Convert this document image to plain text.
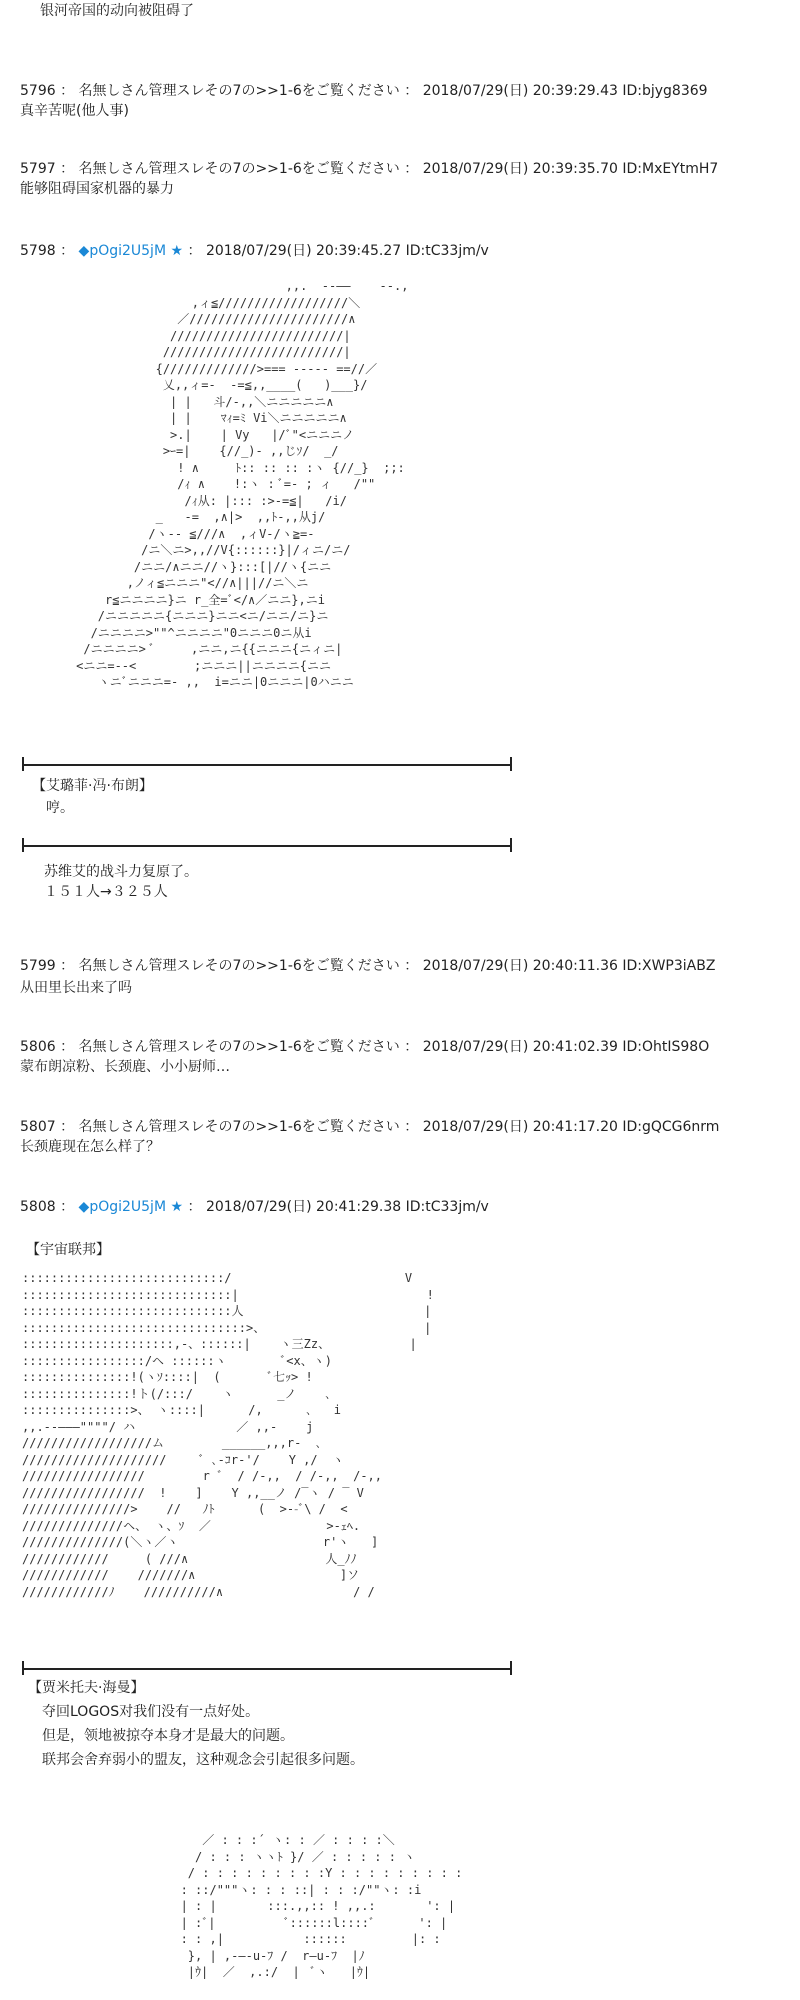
银河帝国的动向被阻碍了
5796 ： 名無しさん管理スレその7の>>1-6をご覧ください ： 2018/07/29(日) 20:39:29.43 ID:bjyg8369
真辛苦呢(他人事)
5797 ： 名無しさん管理スレその7の>>1-6をご覧ください ： 2018/07/29(日) 20:39:35.70 ID:MxEYtmH7
能够阻碍国家机器的暴力
5798 ： ◆pOgi2U5jM ★ ： 2018/07/29(日) 20:39:45.27 ID:tC33jm/v
,,.  --――    --.,
,ィ≦//////////////////＼
／//////////////////////∧
////////////////////////|
/////////////////////////|
{/////////////>=== ----- ==//／
乂,,ィ=-  -=≦,,____(   )___}/
| |   斗/-,,＼ニニニニニ∧
| |    ﾏｨ=ﾐ Vi＼ニニニニニ∧
>.|    | Vy   |/ﾞ"<ニニニノ
>ｰ=|    {//_)- ,,じｿ/  _/
! ∧     ﾄ:: :: :: :ヽ {//_}  ;;:
/ｨ ∧    !:ヽ : ﾞ=- ; ィ   /""
/ｨ从: |::: :>-=≦|   /i/
_   -=  ,∧|>  ,,ﾄ-,,从j/
/ヽ-- ≦///∧  ,ィV-/ヽ≧=-
/ニ＼ニ>,,//V{::::::}|/ィニ/ニ/
/ニニ/∧ニニ//ヽ}:::[|//ヽ{ニニ
,ノィ≦ニニニ"<//∧|||//ニ＼ニ
r≦ニニニニ}ニ r_全=ﾞ</∧／ニニ},ニi
/ニニニニニ{ニニニ}ニニ<ニ/ニニ/ニ}ニ
/ニニニニ>""^ニニニニ"0ニニニ0ニ从i
/ニニニニ> ﾞ     ,ニニ,ニ{{ニニニ{ニィニ|
<ニニ=--<        ;ニニニ||ニニニニ{ニニ
ヽニﾞニニニ=- ,,  i=ニニ|0ニニニ|0ハニニ
【艾璐菲·冯·布朗】
哼。
苏维艾的战斗力复原了。
１５１人→３２５人
5799 ： 名無しさん管理スレその7の>>1-6をご覧ください ： 2018/07/29(日) 20:40:11.36 ID:XWP3iABZ
从田里长出来了吗
5806 ： 名無しさん管理スレその7の>>1-6をご覧ください ： 2018/07/29(日) 20:41:02.39 ID:OhtIS98O
蒙布朗凉粉、长颈鹿、小小厨师…
5807 ： 名無しさん管理スレその7の>>1-6をご覧ください ： 2018/07/29(日) 20:41:17.20 ID:gQCG6nrm
长颈鹿现在怎么样了？
5808 ： ◆pOgi2U5jM ★ ： 2018/07/29(日) 20:41:29.38 ID:tC33jm/v
【宇宙联邦】
::::::::::::::::::::::::::::/                        V
:::::::::::::::::::::::::::::|                          !
:::::::::::::::::::::::::::::人                         |
:::::::::::::::::::::::::::::::>、                      |
:::::::::::::::::::::,-、::::::|    ヽ三Zz、           |
:::::::::::::::::/ヘ ::::::ヽ        ﾞ<x、ヽ)
:::::::::::::::!(ヽｿ::::|  (       ﾞ七ｯ> !
:::::::::::::::!ト(/:::/    ヽ      _ノ    ､
:::::::::::::::>、 ヽ::::|      /,      ､   i
,,.--―――""""/ ハ              ／ ,,-    j
//////////////////ム        ______,,,r‐  ､
////////////////////     ﾞ ､-ｺr‐'/    Y ,/  ヽ
/////////////////        r ﾞ  / /-,,  / /-,,  /-,,
/////////////////  !    ]    Y ,,__ノ /‾ヽ / ‾ V
///////////////>    //   ﾉﾄ      (  >--ﾞ\ /  <
//////////////ヘ、 ヽ、ｿ  ／                >-ｪﾍ.
//////////////(＼ヽ／ヽ                    r'ヽ   ]
////////////     ( ///∧                   人_ﾉﾉ
////////////    ///////∧                    ]ソ
////////////ﾉ    //////////∧                  / /
【贾米托夫·海曼】
夺回LOGOS对我们没有一点好处。
但是，领地被掠夺本身才是最大的问题。
联邦会舍弃弱小的盟友，这种观念会引起很多问题。
／ : : :´ ヽ: : ／ : : : :＼
/ : : : ヽヽﾄ }/ ／ : : : : : ヽ
/ : : : : : : : : :Y : : : : : : : : :
: ::/"""ヽ: : : ::| : : :/""ヽ: :i
| : |       :::.,,:: ! ,,.:       ': |
| :ﾞ|          ﾞ::::::l::::ﾞ      ': |
: : ,|           ::::::         |: :
}, | ,-―‐u-ﾌ /  r―u-ﾌ  |ﾉ
|ｳ|  ／  ,.:/  |  ﾞヽ   |ｳ|
